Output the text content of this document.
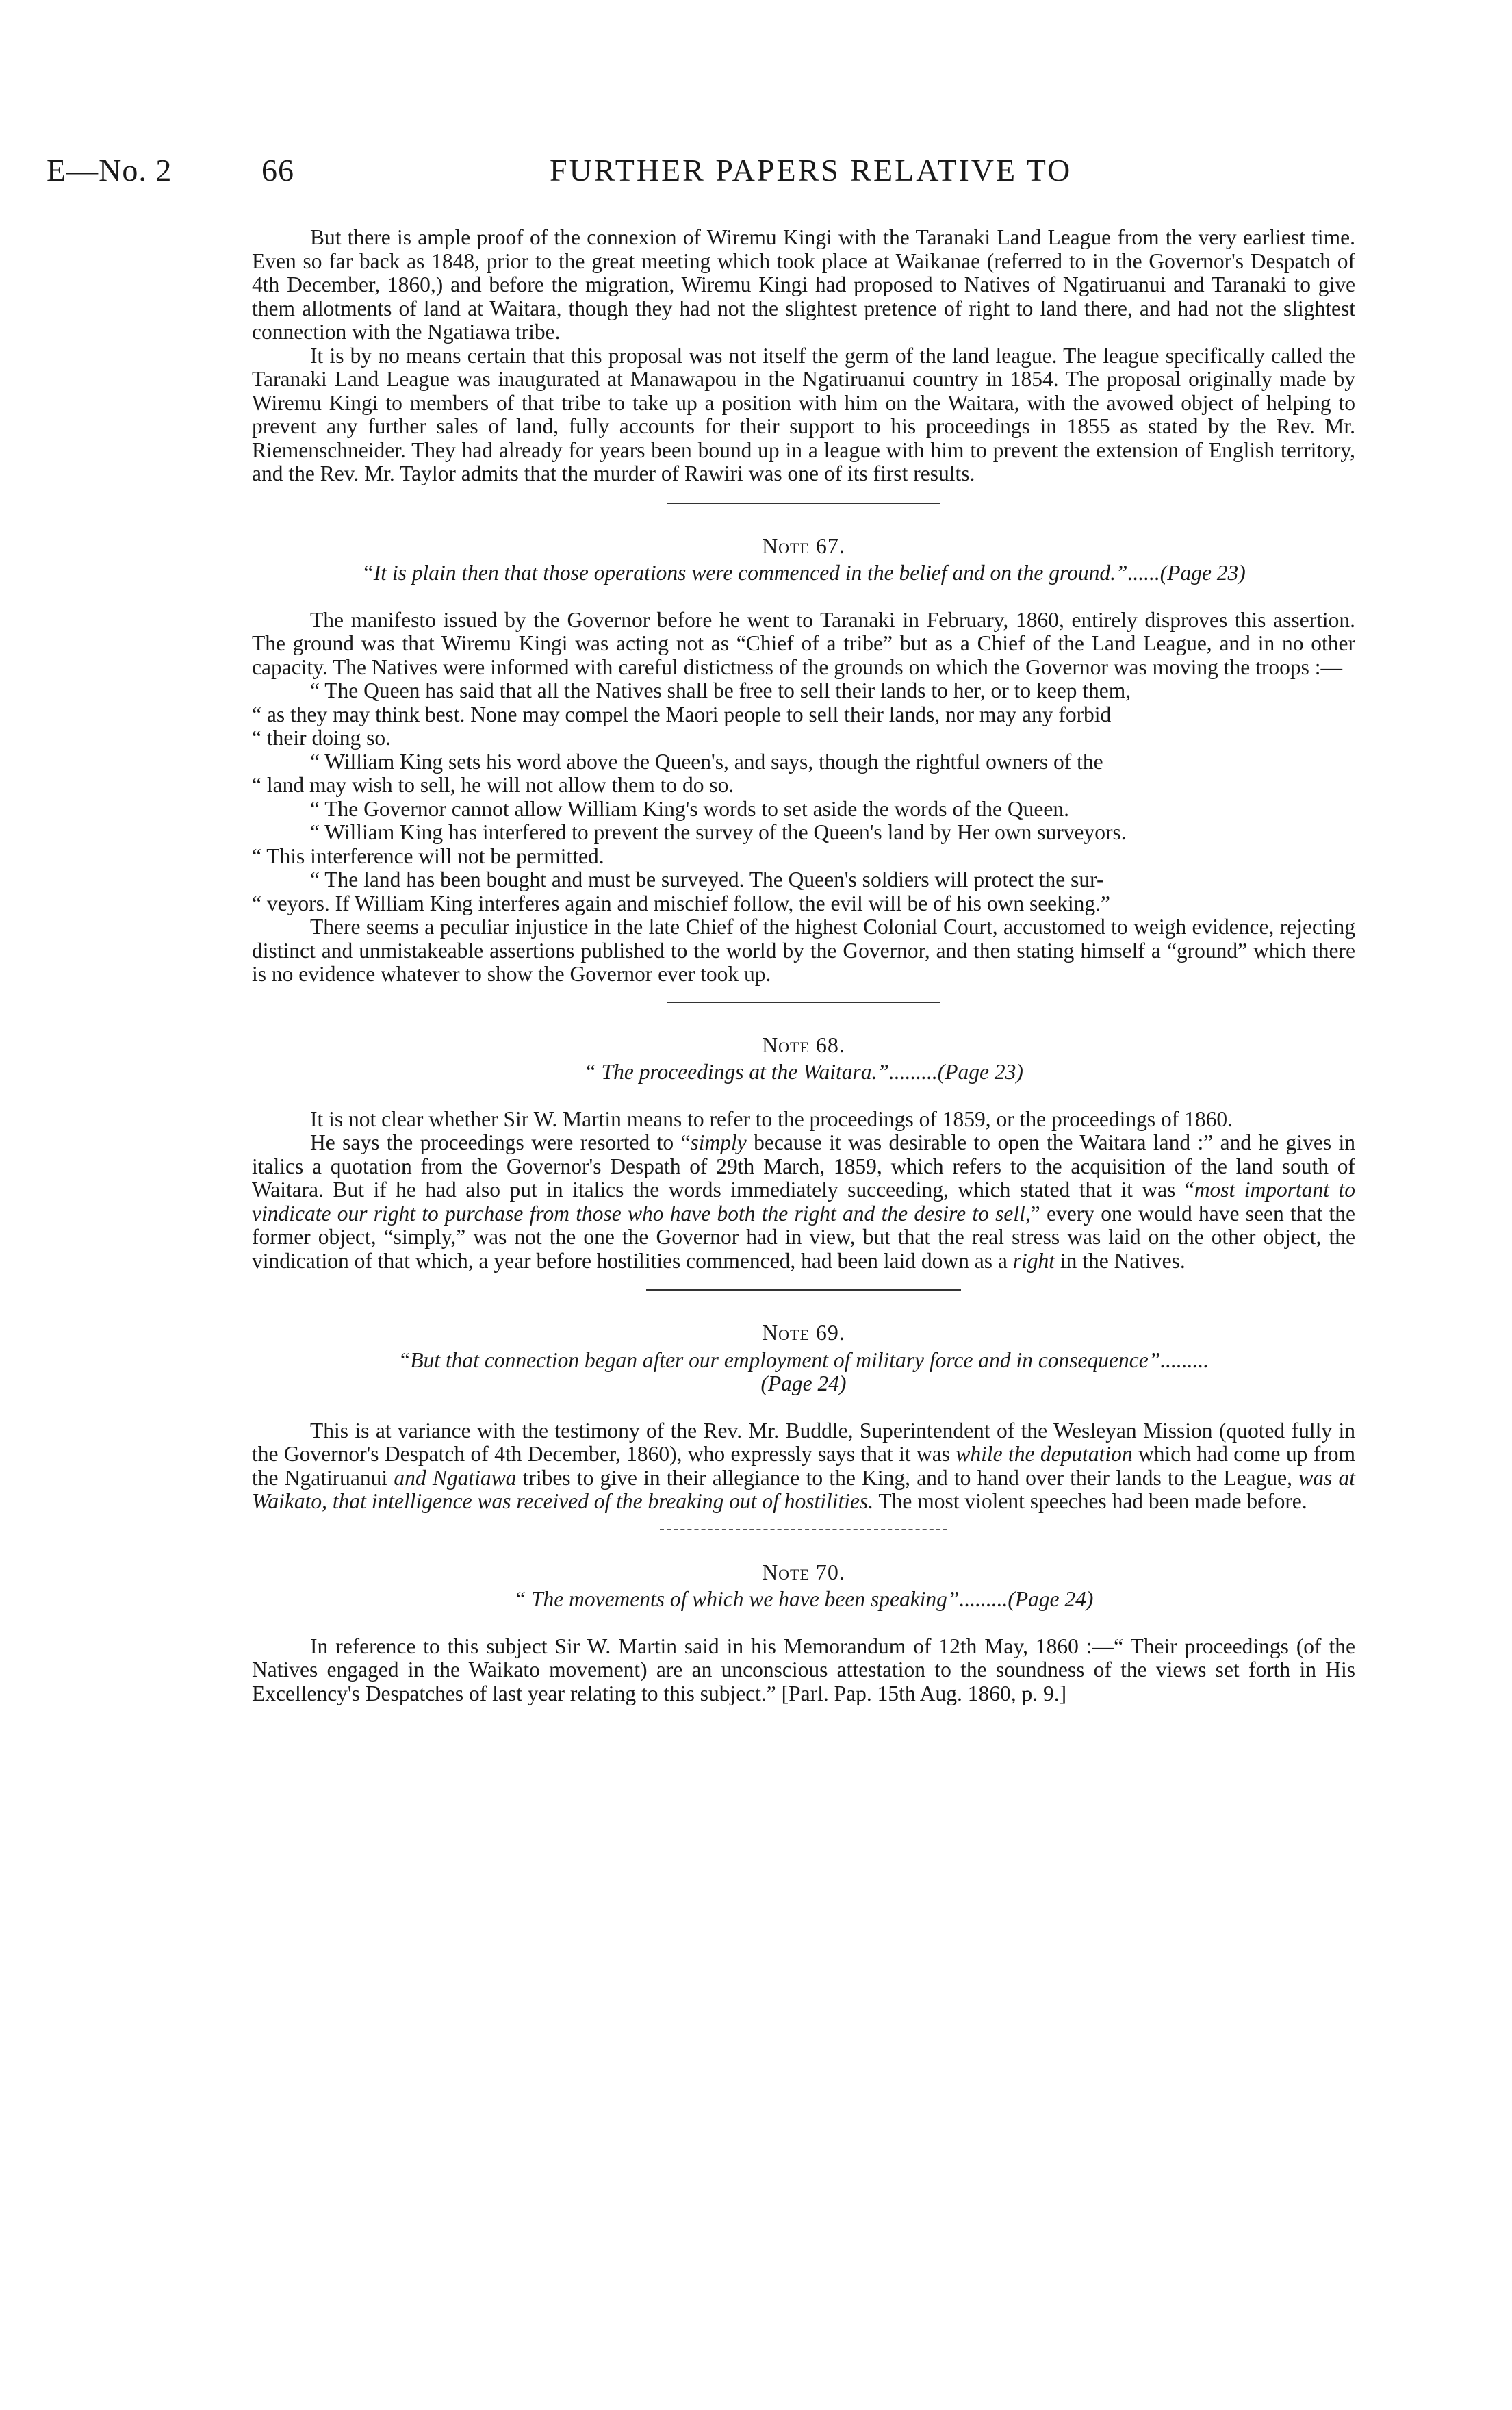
E—No. 2	66	FURTHER PAPERS RELATIVE TO

But there is ample proof of the connexion of Wiremu Kingi with the Taranaki Land League from the very earliest time. Even so far back as 1848, prior to the great meeting which took place at Waikanae (referred to in the Governor's Despatch of 4th December, 1860,) and before the migration, Wiremu Kingi had proposed to Natives of Ngatiruanui and Taranaki to give them allotments of land at Waitara, though they had not the slightest pretence of right to land there, and had not the slightest connection with the Ngatiawa tribe.

It is by no means certain that this proposal was not itself the germ of the land league. The league specifically called the Taranaki Land League was inaugurated at Manawapou in the Ngatiruanui country in 1854. The proposal originally made by Wiremu Kingi to members of that tribe to take up a position with him on the Waitara, with the avowed object of helping to prevent any further sales of land, fully accounts for their support to his proceedings in 1855 as stated by the Rev. Mr. Riemenschneider. They had already for years been bound up in a league with him to prevent the extension of English territory, and the Rev. Mr. Taylor admits that the murder of Rawiri was one of its first results.

Note 67.
“It is plain then that those operations were commenced in the belief and on the ground.”......(Page 23)

The manifesto issued by the Governor before he went to Taranaki in February, 1860, entirely disproves this assertion. The ground was that Wiremu Kingi was acting not as “Chief of a tribe” but as a Chief of the Land League, and in no other capacity. The Natives were informed with careful distictness of the grounds on which the Governor was moving the troops :—

“ The Queen has said that all the Natives shall be free to sell their lands to her, or to keep them,

“ as they may think best. None may compel the Maori people to sell their lands, nor may any forbid

“ their doing so.

“ William King sets his word above the Queen's, and says, though the rightful owners of the

“ land may wish to sell, he will not allow them to do so.

“ The Governor cannot allow William King's words to set aside the words of the Queen.

“ William King has interfered to prevent the survey of the Queen's land by Her own surveyors.

“ This interference will not be permitted.

“ The land has been bought and must be surveyed. The Queen's soldiers will protect the sur-

“ veyors. If William King interferes again and mischief follow, the evil will be of his own seeking.”

There seems a peculiar injustice in the late Chief of the highest Colonial Court, accustomed to weigh evidence, rejecting distinct and unmistakeable assertions published to the world by the Governor, and then stating himself a “ground” which there is no evidence whatever to show the Governor ever took up.

Note 68.
“ The proceedings at the Waitara.”.........(Page 23)

It is not clear whether Sir W. Martin means to refer to the proceedings of 1859, or the proceedings of 1860.

He says the proceedings were resorted to “simply because it was desirable to open the Waitara land :” and he gives in italics a quotation from the Governor's Despath of 29th March, 1859, which refers to the acquisition of the land south of Waitara. But if he had also put in italics the words immediately succeeding, which stated that it was “most important to vindicate our right to purchase from those who have both the right and the desire to sell,” every one would have seen that the former object, “simply,” was not the one the Governor had in view, but that the real stress was laid on the other object, the vindication of that which, a year before hostilities commenced, had been laid down as a right in the Natives.

Note 69.
“But that connection began after our employment of military force and in consequence”.........
(Page 24)

This is at variance with the testimony of the Rev. Mr. Buddle, Superintendent of the Wesleyan Mission (quoted fully in the Governor's Despatch of 4th December, 1860), who expressly says that it was while the deputation which had come up from the Ngatiruanui and Ngatiawa tribes to give in their allegiance to the King, and to hand over their lands to the League, was at Waikato, that intelligence was received of the breaking out of hostilities. The most violent speeches had been made before.

Note 70.
“ The movements of which we have been speaking”.........(Page 24)

In reference to this subject Sir W. Martin said in his Memorandum of 12th May, 1860 :—“ Their proceedings (of the Natives engaged in the Waikato movement) are an unconscious attestation to the soundness of the views set forth in His Excellency's Despatches of last year relating to this subject.” [Parl. Pap. 15th Aug. 1860, p. 9.]
